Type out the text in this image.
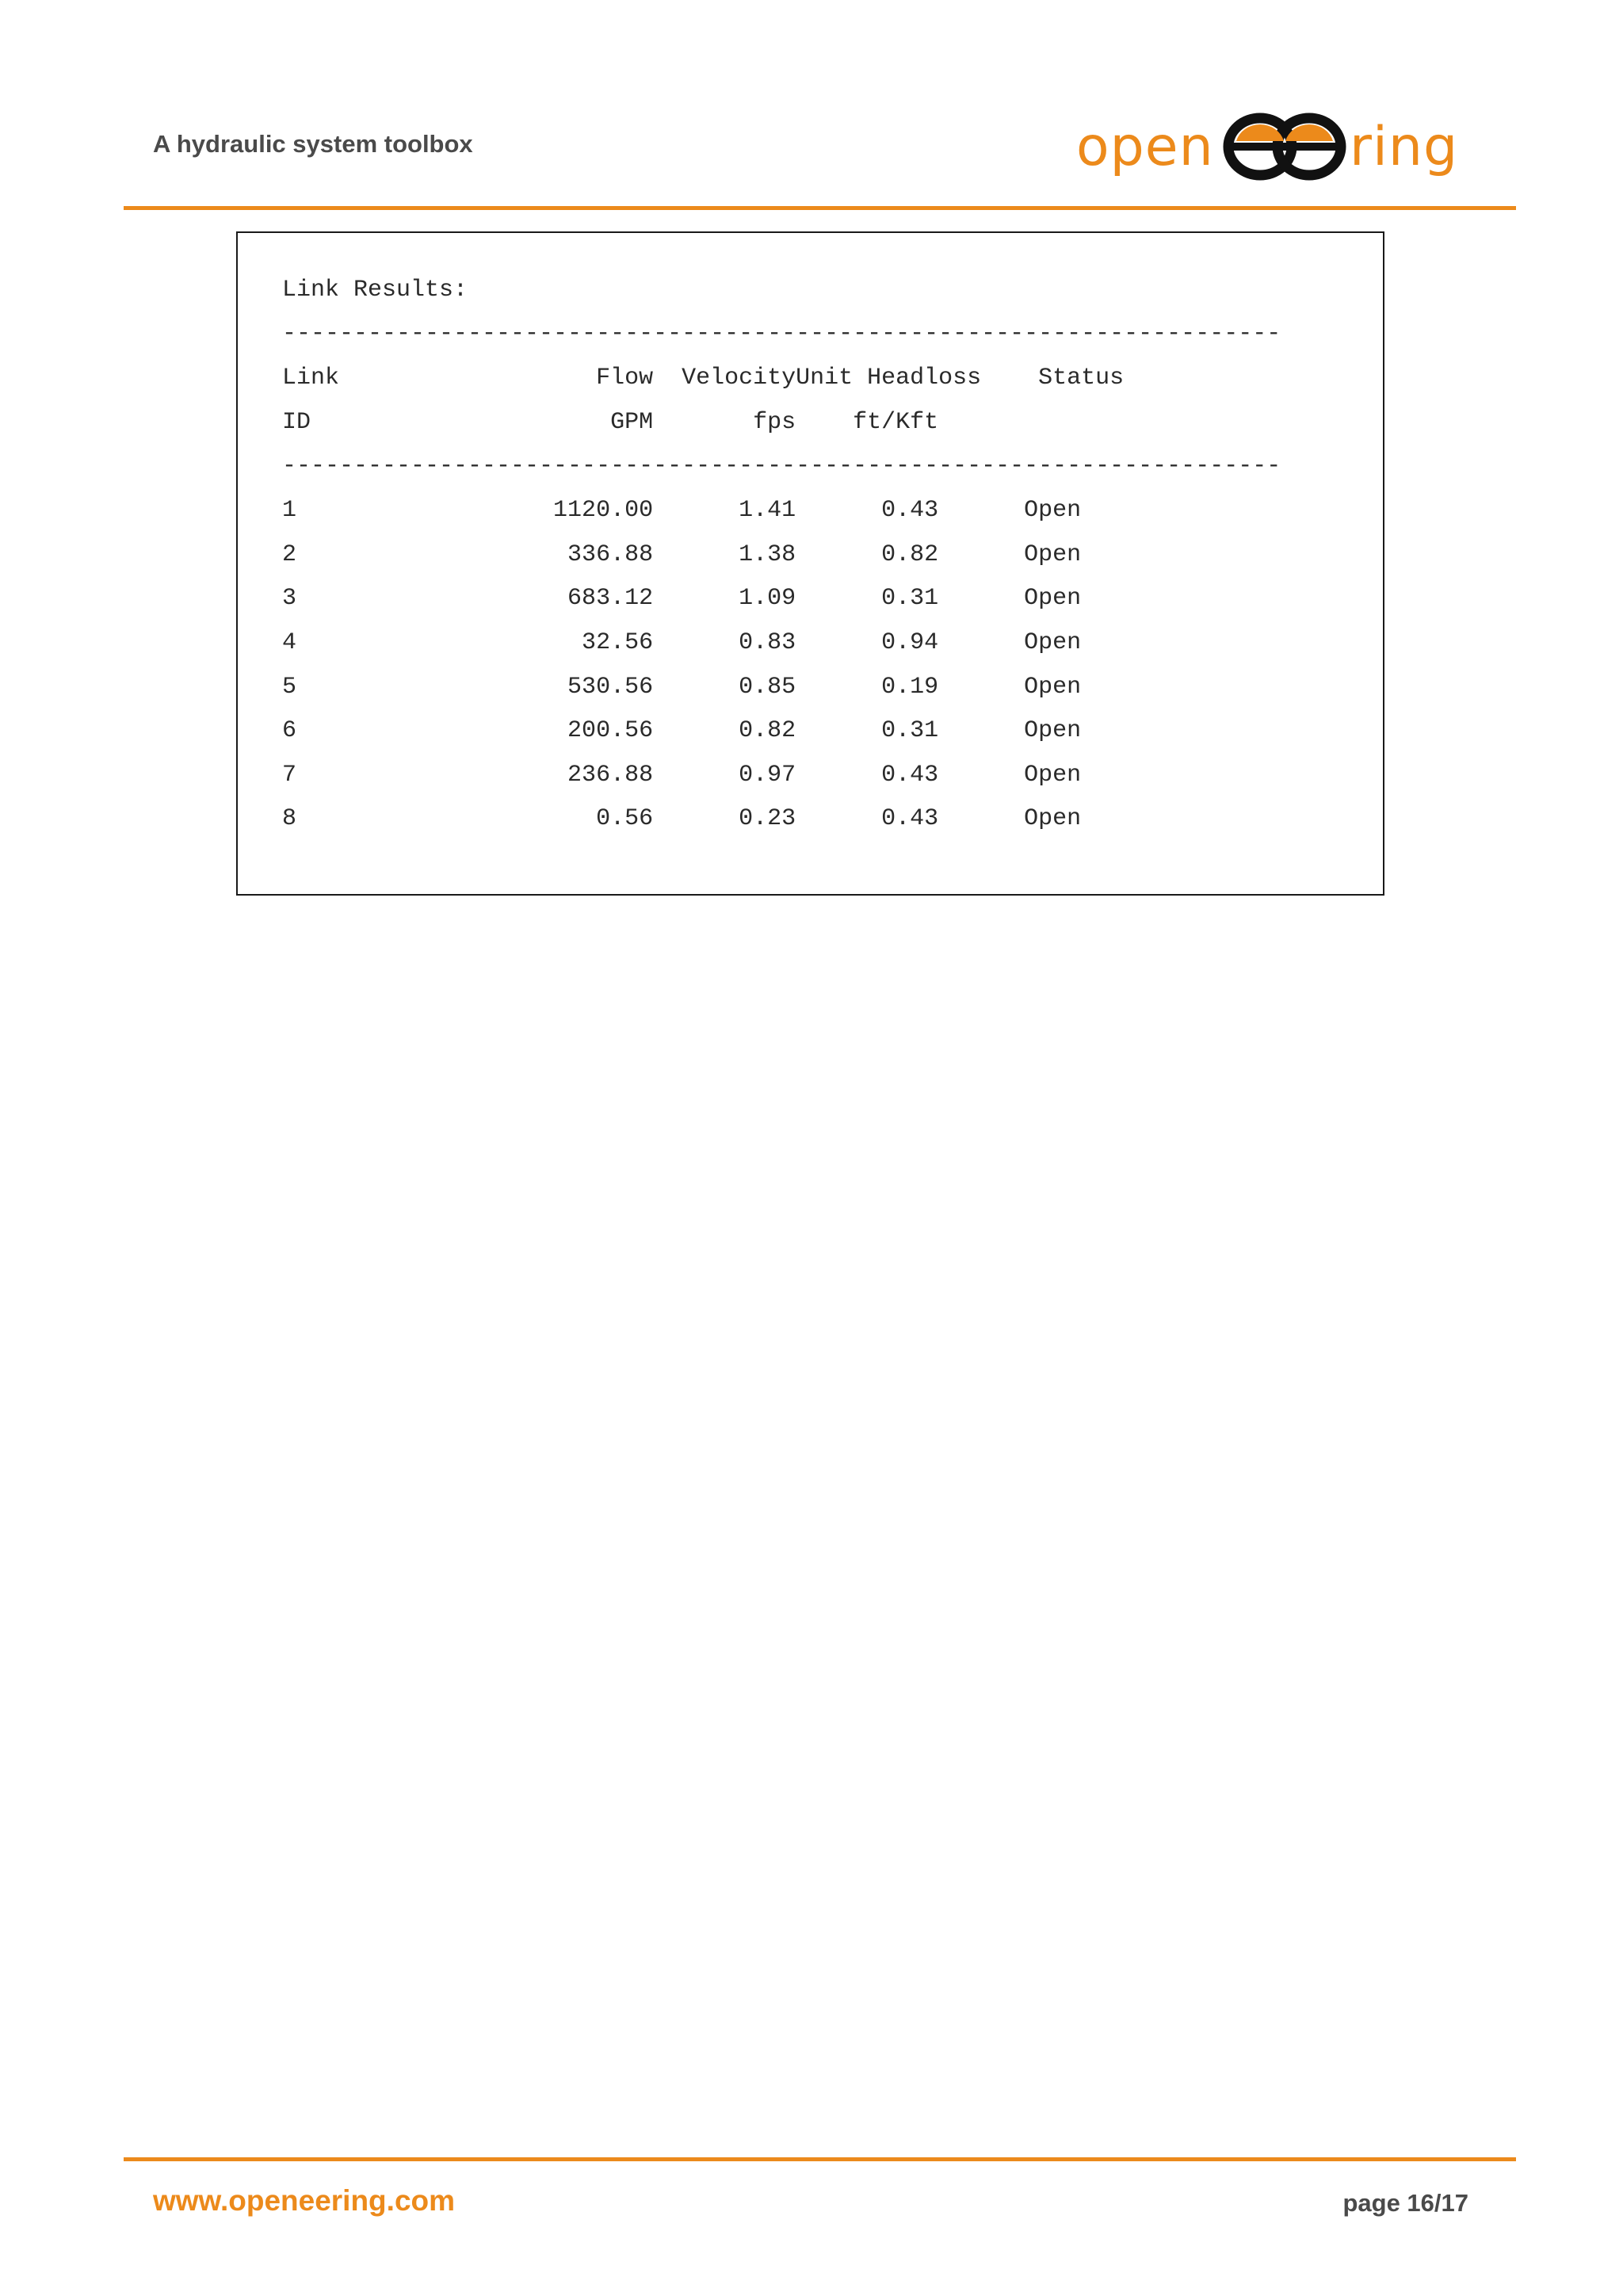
A hydraulic system toolbox	open	ring
Link Results:
----------------------------------------------------------------------
Link                  Flow  VelocityUnit Headloss    Status
ID                     GPM       fps    ft/Kft
----------------------------------------------------------------------
1                  1120.00      1.41      0.43      Open
2                   336.88      1.38      0.82      Open
3                   683.12      1.09      0.31      Open
4                    32.56      0.83      0.94      Open
5                   530.56      0.85      0.19      Open
6                   200.56      0.82      0.31      Open
7                   236.88      0.97      0.43      Open
8                     0.56      0.23      0.43      Open
www.openeering.com	page 16/17
